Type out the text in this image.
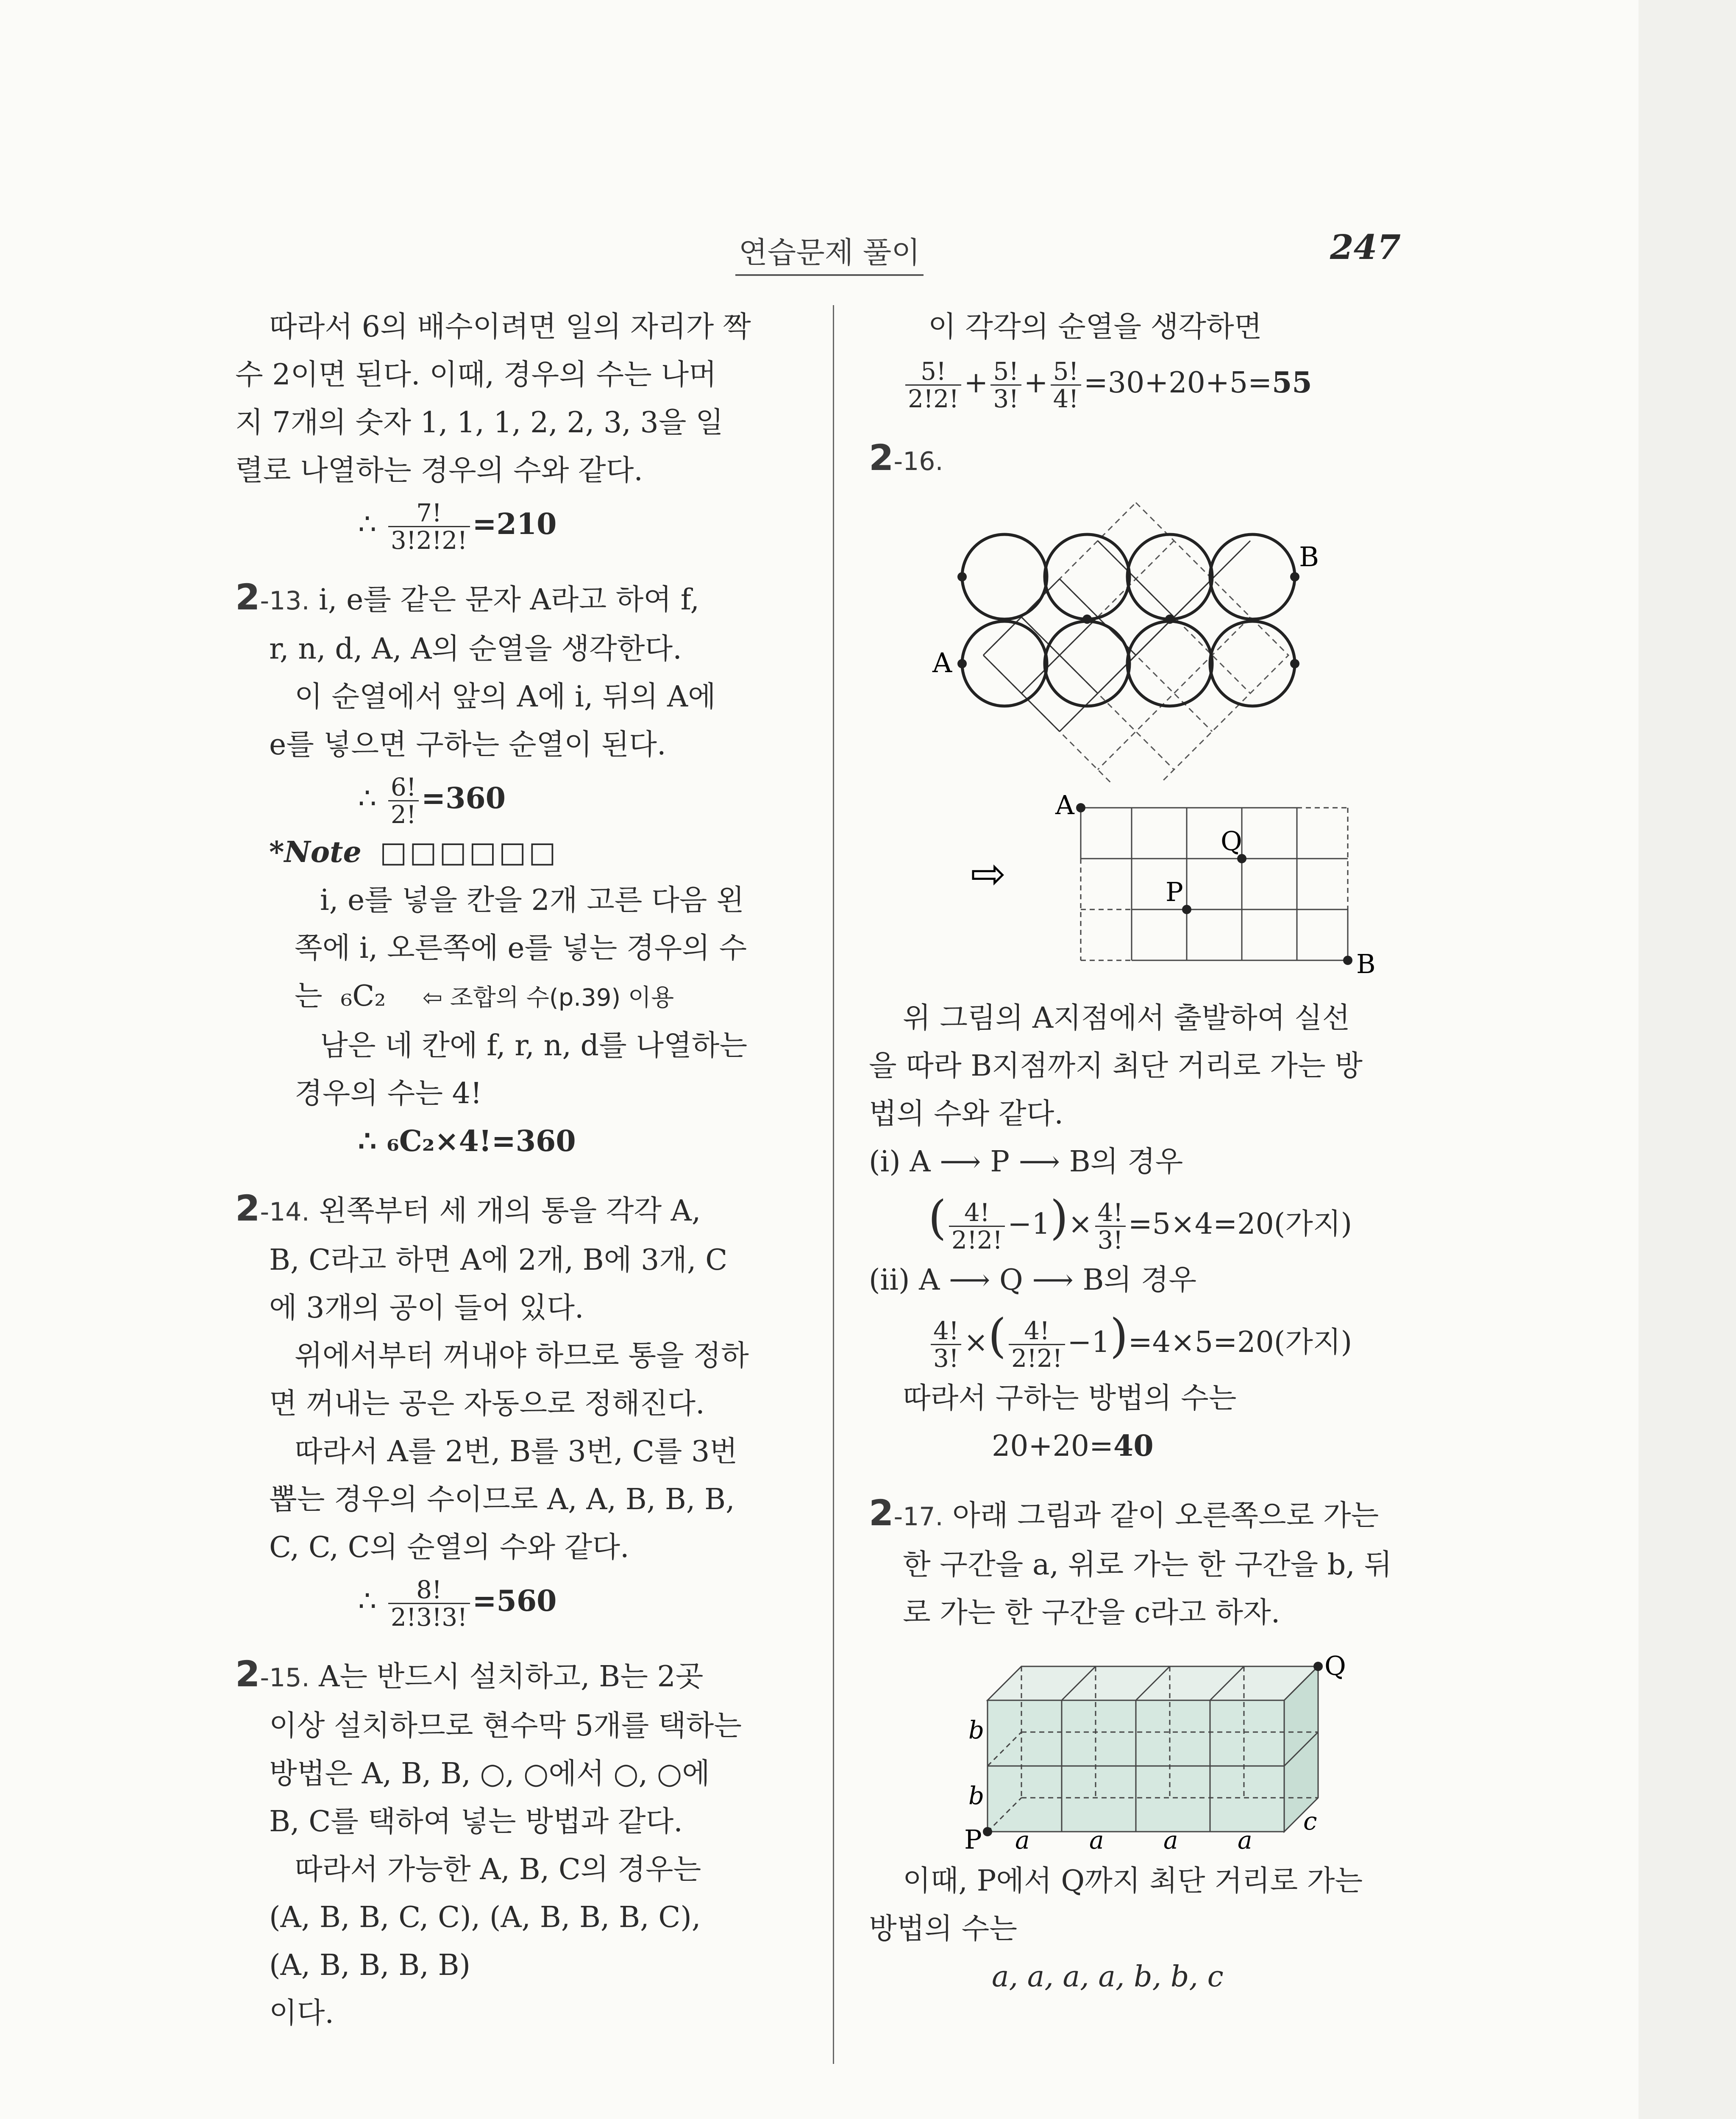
연습문제 풀이	247

따라서 6의 배수이려면 일의 자리가 짝

수 2이면 된다. 이때, 경우의 수는 나머

지 7개의 숫자 1, 1, 1, 2, 2, 3, 3을 일

렬로 나열하는 경우의 수와 같다.

∴ $\frac{7!}{3!2!2!} =210$

2-13. i, e를 같은 문자 A라고 하여 f,

r, n, d, A, A의 순열을 생각한다.

이 순열에서 앞의 A에 i, 뒤의 A에

e를 넣으면 구하는 순열이 된다.

∴ $\frac{6!}{2!} =360$

*Note □□□□□□

i, e를 넣을 칸을 2개 고른 다음 왼

쪽에 i, 오른쪽에 e를 넣는 경우의 수

는 ₆C₂ ⇦ 조합의 수(p.39) 이용

남은 네 칸에 f, r, n, d를 나열하는

경우의 수는 4!

∴ ₆C₂×4!=360

2-14. 왼쪽부터 세 개의 통을 각각 A,

B, C라고 하면 A에 2개, B에 3개, C

에 3개의 공이 들어 있다.

위에서부터 꺼내야 하므로 통을 정하

면 꺼내는 공은 자동으로 정해진다.

따라서 A를 2번, B를 3번, C를 3번

뽑는 경우의 수이므로 A, A, B, B, B,

C, C, C의 순열의 수와 같다.

∴ $\frac{8!}{2!3!3!} =560$

2-15. A는 반드시 설치하고, B는 2곳

이상 설치하므로 현수막 5개를 택하는

방법은 A, B, B, ○, ○에서 ○, ○에

B, C를 택하여 넣는 방법과 같다.

따라서 가능한 A, B, C의 경우는

(A, B, B, C, C), (A, B, B, B, C),

(A, B, B, B, B)

이다.

이 각각의 순열을 생각하면

$\frac{5!}{2!2!} + \frac{5!}{3!} + \frac{5!}{4!} =30+20+5=55$

2-16.

B
A
⇨
A
B
P
Q

위 그림의 A지점에서 출발하여 실선

을 따라 B지점까지 최단 거리로 가는 방

법의 수와 같다.

(i) A ⟶ P ⟶ B의 경우

( $\frac{4!}{2!2!} -1)\times \frac{4!}{3!} =5\times 4=20$(가지)

(ii) A ⟶ Q ⟶ B의 경우

$\frac{4!}{3!}$ ×( $\frac{4!}{2!2!} -1)=4\times 5=20$(가지)

따라서 구하는 방법의 수는

20+20=40

2-17. 아래 그림과 같이 오른쪽으로 가는

한 구간을 a, 위로 가는 한 구간을 b, 뒤

로 가는 한 구간을 c라고 하자.

P
Q
a a a a
b
b
c

이때, P에서 Q까지 최단 거리로 가는

방법의 수는

a, a, a, a, b, b, c
